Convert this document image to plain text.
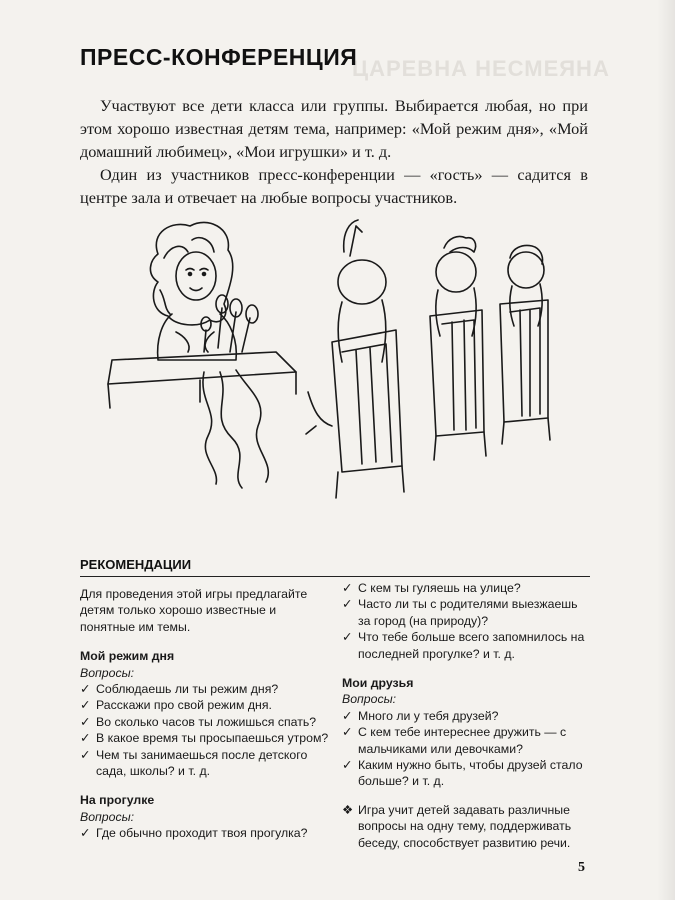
ЦАРЕВНА НЕСМЕЯНА
ПРЕСС-КОНФЕРЕНЦИЯ

Участвуют все дети класса или группы. Выбирается любая, но при этом хорошо известная детям тема, например: «Мой режим дня», «Мой домашний любимец», «Мои игрушки» и т. д.

Один из участников пресс-конференции — «гость» — садится в центре зала и отвечает на любые вопросы участников.

РЕКОМЕНДАЦИИ

Для проведения этой игры предлагайте детям только хорошо известные и понятные им темы.

Мой режим дня

Вопросы:

✓ Соблюдаешь ли ты режим дня?

✓ Расскажи про свой режим дня.

✓ Во сколько часов ты ложишься спать?

✓ В какое время ты просыпаешься утром?

✓ Чем ты занимаешься после детского сада, школы? и т. д.

На прогулке

Вопросы:

✓ Где обычно проходит твоя прогулка?

✓ С кем ты гуляешь на улице?

✓ Часто ли ты с родителями выезжаешь за город (на природу)?

✓ Что тебе больше всего запомнилось на последней прогулке? и т. д.

Мои друзья

Вопросы:

✓ Много ли у тебя друзей?

✓ С кем тебе интереснее дружить — с мальчиками или девочками?

✓ Каким нужно быть, чтобы друзей стало больше? и т. д.

❖ Игра учит детей задавать различные вопросы на одну тему, поддерживать беседу, способствует развитию речи.

5
